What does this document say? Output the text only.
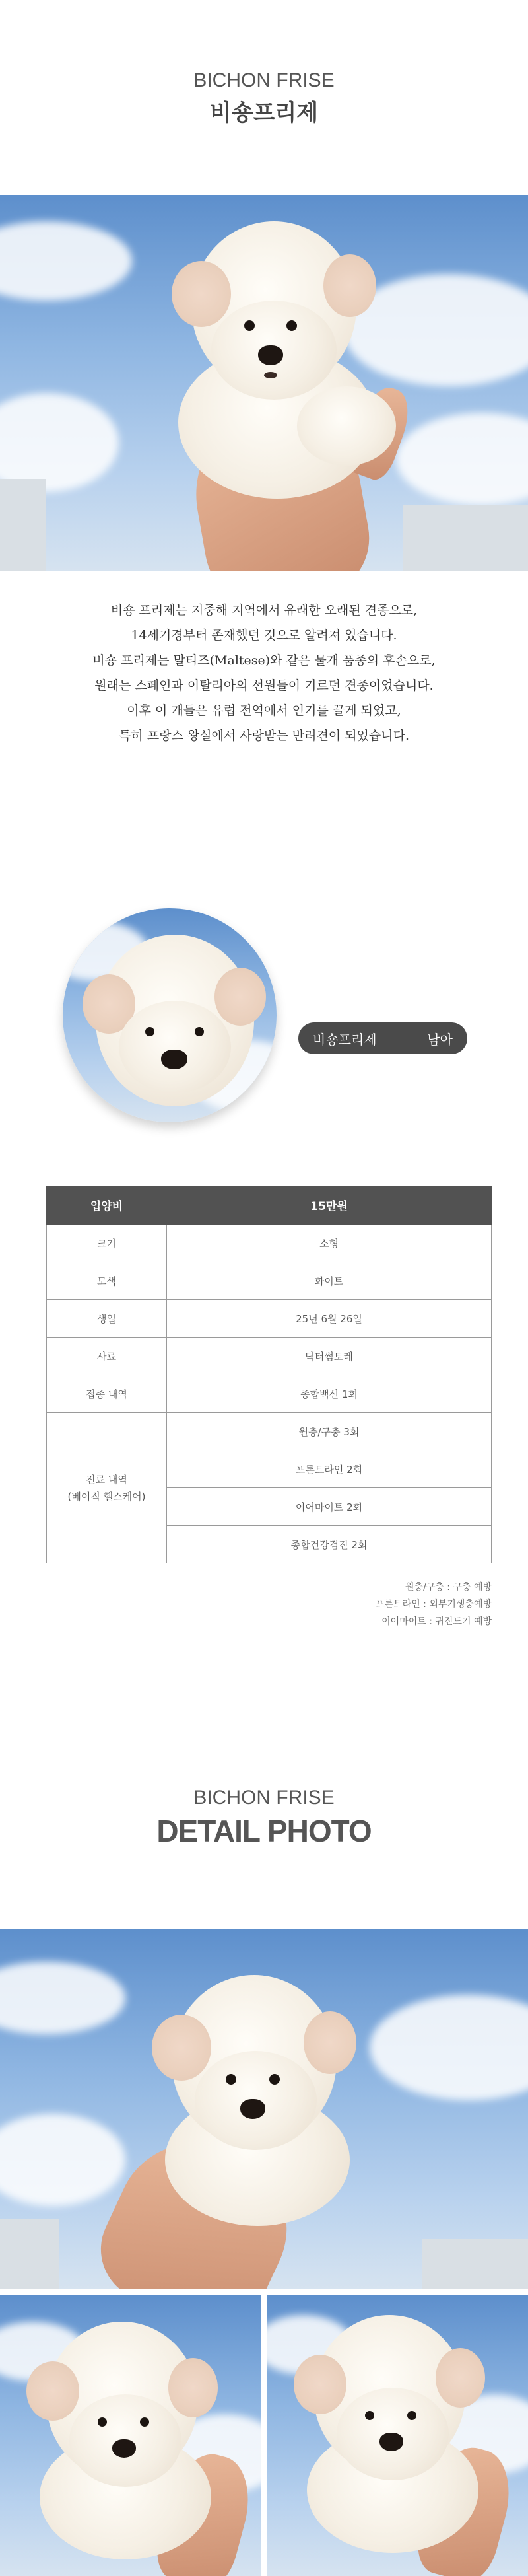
BICHON FRISE
비숑프리제
비숑 프리제는 지중해 지역에서 유래한 오래된 견종으로,
14세기경부터 존재했던 것으로 알려져 있습니다.
비숑 프리제는 말티즈(Maltese)와 같은 물개 품종의 후손으로,
원래는 스페인과 이탈리아의 선원들이 기르던 견종이었습니다.
이후 이 개들은 유럽 전역에서 인기를 끌게 되었고,
특히 프랑스 왕실에서 사랑받는 반려견이 되었습니다.
비숑프리제	남아
입양비	15만원
크기	소형
모색	화이트
생일	25년 6월 26일
사료	닥터썸토레
접종 내역	종합백신 1회

진료 내역
(베이직 헬스케어)	원충/구충 3회
	프론트라인 2회
	이어마이트 2회
	종합건강검진 2회
원충/구충 : 구충 예방
프론트라인 : 외부기생충예방
이어마이트 : 귀진드기 예방
BICHON FRISE
DETAIL PHOTO
